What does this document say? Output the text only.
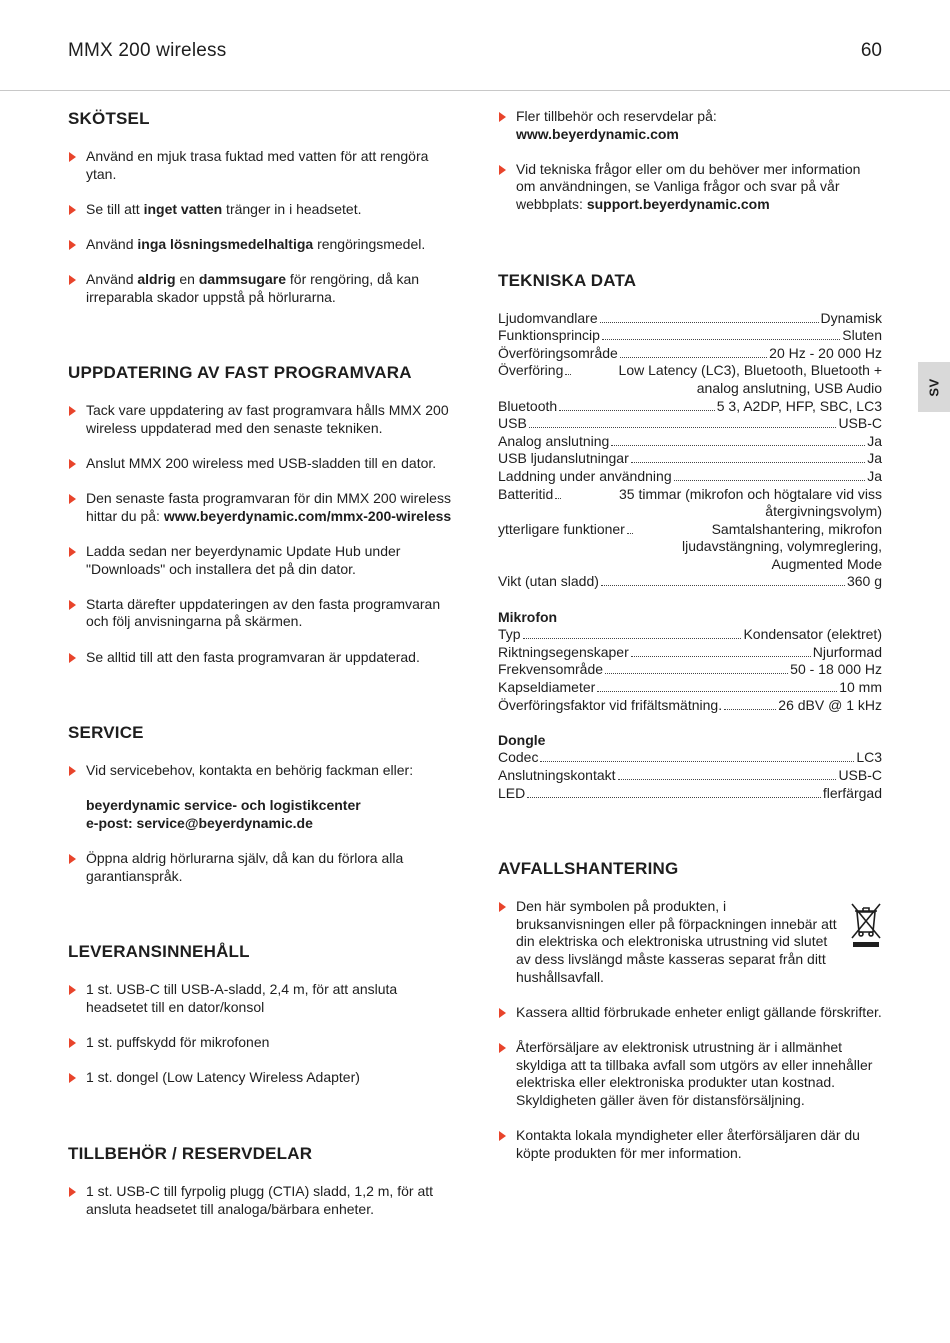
MMX 200 wireless	60
SV
SKÖTSEL
Använd en mjuk trasa fuktad med vatten för att rengöra ytan.
Se till att inget vatten tränger in i headsetet.
Använd inga lösningsmedelhaltiga rengöringsmedel.
Använd aldrig en dammsugare för rengöring, då kan irreparabla skador uppstå på hörlurarna.
UPPDATERING AV FAST PROGRAMVARA
Tack vare uppdatering av fast programvara hålls MMX 200 wireless uppdaterad med den senaste tekniken.
Anslut MMX 200 wireless med USB-sladden till en dator.
Den senaste fasta programvaran för din MMX 200 wireless hittar du på: www.beyerdynamic.com/mmx-200-wireless
Ladda sedan ner beyerdynamic Update Hub under "Downloads" och installera det på din dator.
Starta därefter uppdateringen av den fasta programvaran och följ anvisningarna på skärmen.
Se alltid till att den fasta programvaran är uppdaterad.
SERVICE
Vid servicebehov, kontakta en behörig fackman eller:
beyerdynamic service- och logistikcenter
e-post: service@beyerdynamic.de
Öppna aldrig hörlurarna själv, då kan du förlora alla garantianspråk.
LEVERANSINNEHÅLL
1 st. USB-C till USB-A-sladd, 2,4 m, för att ansluta headsetet till en dator/konsol
1 st. puffskydd för mikrofonen
1 st. dongel (Low Latency Wireless Adapter)
TILLBEHÖR / RESERVDELAR
1 st. USB-C till fyrpolig plugg (CTIA) sladd, 1,2 m, för att ansluta headsetet till analoga/bärbara enheter.
Fler tillbehör och reservdelar på:
www.beyerdynamic.com
Vid tekniska frågor eller om du behöver mer information om användningen, se Vanliga frågor och svar på vår webbplats: support.beyerdynamic.com
TEKNISKA DATA
Ljudomvandlare	Dynamisk
Funktionsprincip	Sluten
Överföringsområde	20 Hz - 20 000 Hz
Överföring	Low Latency (LC3), Bluetooth, Bluetooth + analog anslutning, USB Audio
Bluetooth	5 3, A2DP, HFP, SBC, LC3
USB	USB-C
Analog anslutning	Ja
USB ljudanslutningar	Ja
Laddning under användning	Ja
Batteritid	35 timmar (mikrofon och högtalare vid viss återgivningsvolym)
ytterligare funktioner	Samtalshantering, mikrofon ljudavstängning, volymreglering, Augmented Mode
Vikt (utan sladd)	360 g
Mikrofon
Typ	Kondensator (elektret)
Riktningsegenskaper	Njurformad
Frekvensområde	50 - 18 000 Hz
Kapseldiameter	10 mm
Överföringsfaktor vid frifältsmätning.	26 dBV @ 1 kHz
Dongle
Codec	LC3
Anslutningskontakt	USB-C
LED	flerfärgad
AVFALLSHANTERING
Den här symbolen på produkten, i bruksanvisningen eller på förpackningen innebär att din elektriska och elektroniska utrustning vid slutet av dess livslängd måste kasseras separat från ditt hushållsavfall.
Kassera alltid förbrukade enheter enligt gällande förskrifter.
Återförsäljare av elektronisk utrustning är i allmänhet skyldiga att ta tillbaka avfall som utgörs av eller innehåller elektriska eller elektroniska produkter utan kostnad. Skyldigheten gäller även för distansförsäljning.
Kontakta lokala myndigheter eller återförsäljaren där du köpte produkten för mer information.
